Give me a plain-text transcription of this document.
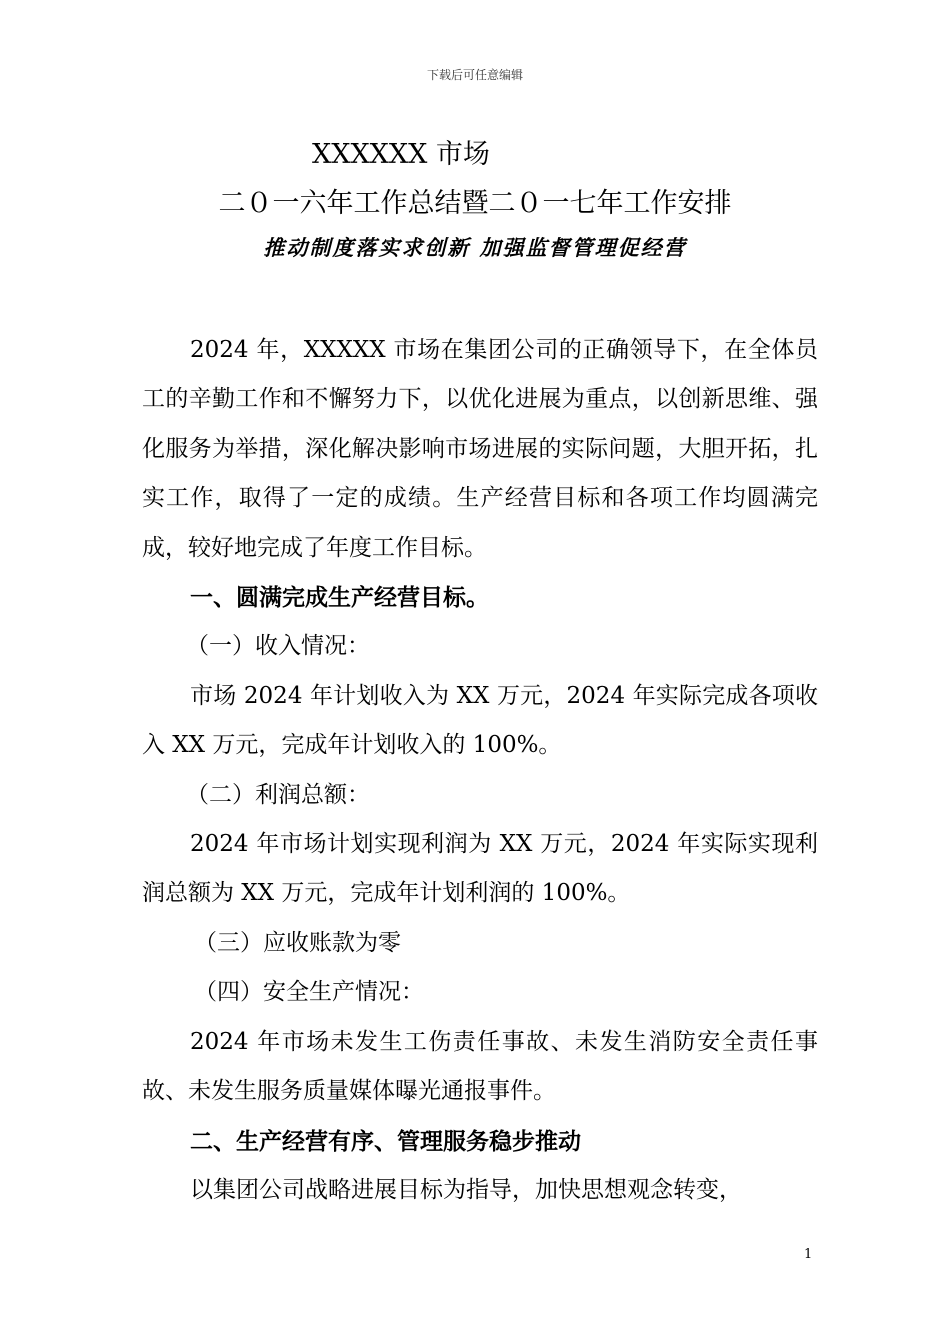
下载后可任意编辑
XXXXXX 市场
二０一六年工作总结暨二０一七年工作安排
推动制度落实求创新 加强监督管理促经营

2024 年，XXXXX 市场在集团公司的正确领导下，在全体员工的辛勤工作和不懈努力下，以优化进展为重点，以创新思维、强化服务为举措，深化解决影响市场进展的实际问题，大胆开拓，扎实工作，取得了一定的成绩。生产经营目标和各项工作均圆满完成，较好地完成了年度工作目标。

一、圆满完成生产经营目标。

（一）收入情况：

市场 2024 年计划收入为 XX 万元，2024 年实际完成各项收入 XX 万元，完成年计划收入的 100%。

（二）利润总额：

2024 年市场计划实现利润为 XX 万元，2024 年实际实现利润总额为 XX 万元，完成年计划利润的 100%。

（三）应收账款为零

（四）安全生产情况：

2024 年市场未发生工伤责任事故、未发生消防安全责任事故、未发生服务质量媒体曝光通报事件。

二、生产经营有序、管理服务稳步推动

以集团公司战略进展目标为指导，加快思想观念转变，

1
